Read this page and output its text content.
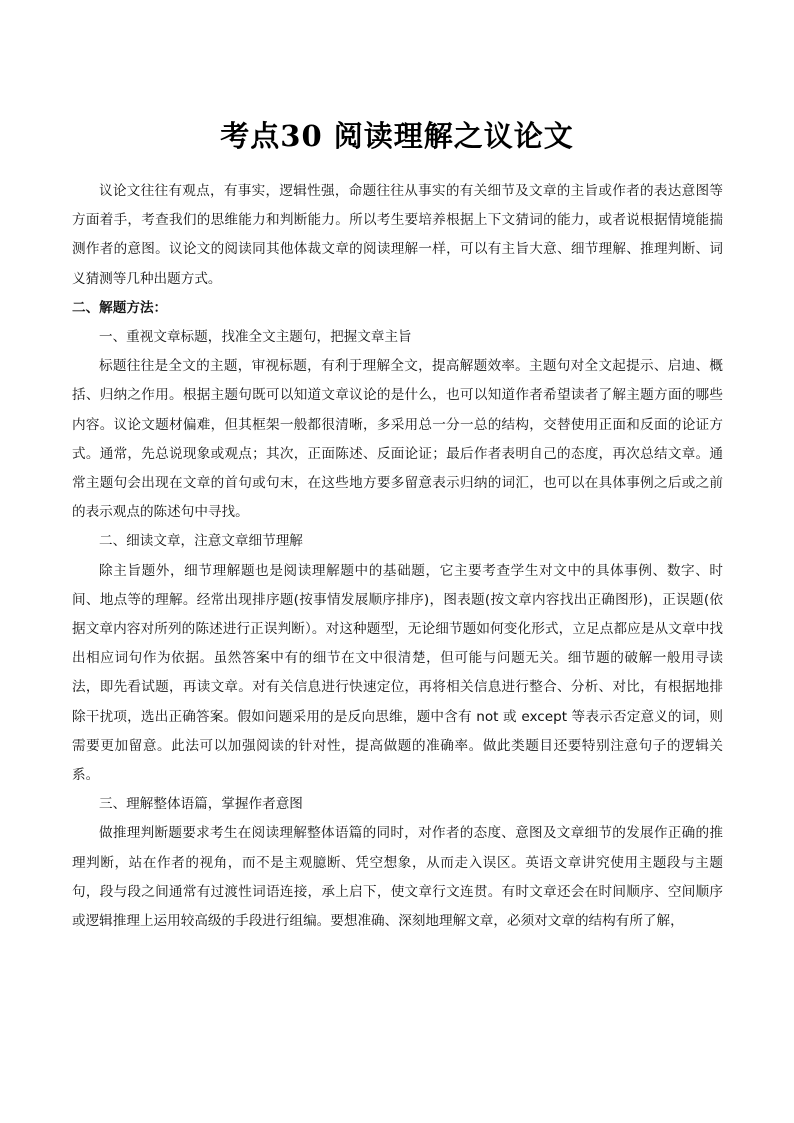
考点30 阅读理解之议论文

议论文往往有观点，有事实，逻辑性强，命题往往从事实的有关细节及文章的主旨或作者的表达意图等方面着手，考查我们的思维能力和判断能力。所以考生要培养根据上下文猜词的能力，或者说根据情境能揣测作者的意图。议论文的阅读同其他体裁文章的阅读理解一样，可以有主旨大意、细节理解、推理判断、词义猜测等几种出题方式。

二、解题方法：

一、重视文章标题，找准全文主题句，把握文章主旨

标题往往是全文的主题，审视标题，有利于理解全文，提高解题效率。主题句对全文起提示、启迪、概括、归纳之作用。根据主题句既可以知道文章议论的是什么，也可以知道作者希望读者了解主题方面的哪些内容。议论文题材偏难，但其框架一般都很清晰，多采用总一分一总的结构，交替使用正面和反面的论证方式。通常，先总说现象或观点；其次，正面陈述、反面论证；最后作者表明自己的态度，再次总结文章。通常主题句会出现在文章的首句或句末，在这些地方要多留意表示归纳的词汇，也可以在具体事例之后或之前的表示观点的陈述句中寻找。

二、细读文章，注意文章细节理解

除主旨题外，细节理解题也是阅读理解题中的基础题，它主要考查学生对文中的具体事例、数字、时间、地点等的理解。经常出现排序题(按事情发展顺序排序)，图表题(按文章内容找出正确图形)，正误题(依据文章内容对所列的陈述进行正误判断）。对这种题型，无论细节题如何变化形式，立足点都应是从文章中找出相应词句作为依据。虽然答案中有的细节在文中很清楚，但可能与问题无关。细节题的破解一般用寻读法，即先看试题，再读文章。对有关信息进行快速定位，再将相关信息进行整合、分析、对比，有根据地排除干扰项，选出正确答案。假如问题采用的是反向思维，题中含有 not 或 except 等表示否定意义的词，则需要更加留意。此法可以加强阅读的针对性，提高做题的准确率。做此类题目还要特别注意句子的逻辑关系。

三、理解整体语篇，掌握作者意图

做推理判断题要求考生在阅读理解整体语篇的同时，对作者的态度、意图及文章细节的发展作正确的推理判断，站在作者的视角，而不是主观臆断、凭空想象，从而走入误区。英语文章讲究使用主题段与主题句，段与段之间通常有过渡性词语连接，承上启下，使文章行文连贯。有时文章还会在时间顺序、空间顺序或逻辑推理上运用较高级的手段进行组编。要想准确、深刻地理解文章，必须对文章的结构有所了解，
